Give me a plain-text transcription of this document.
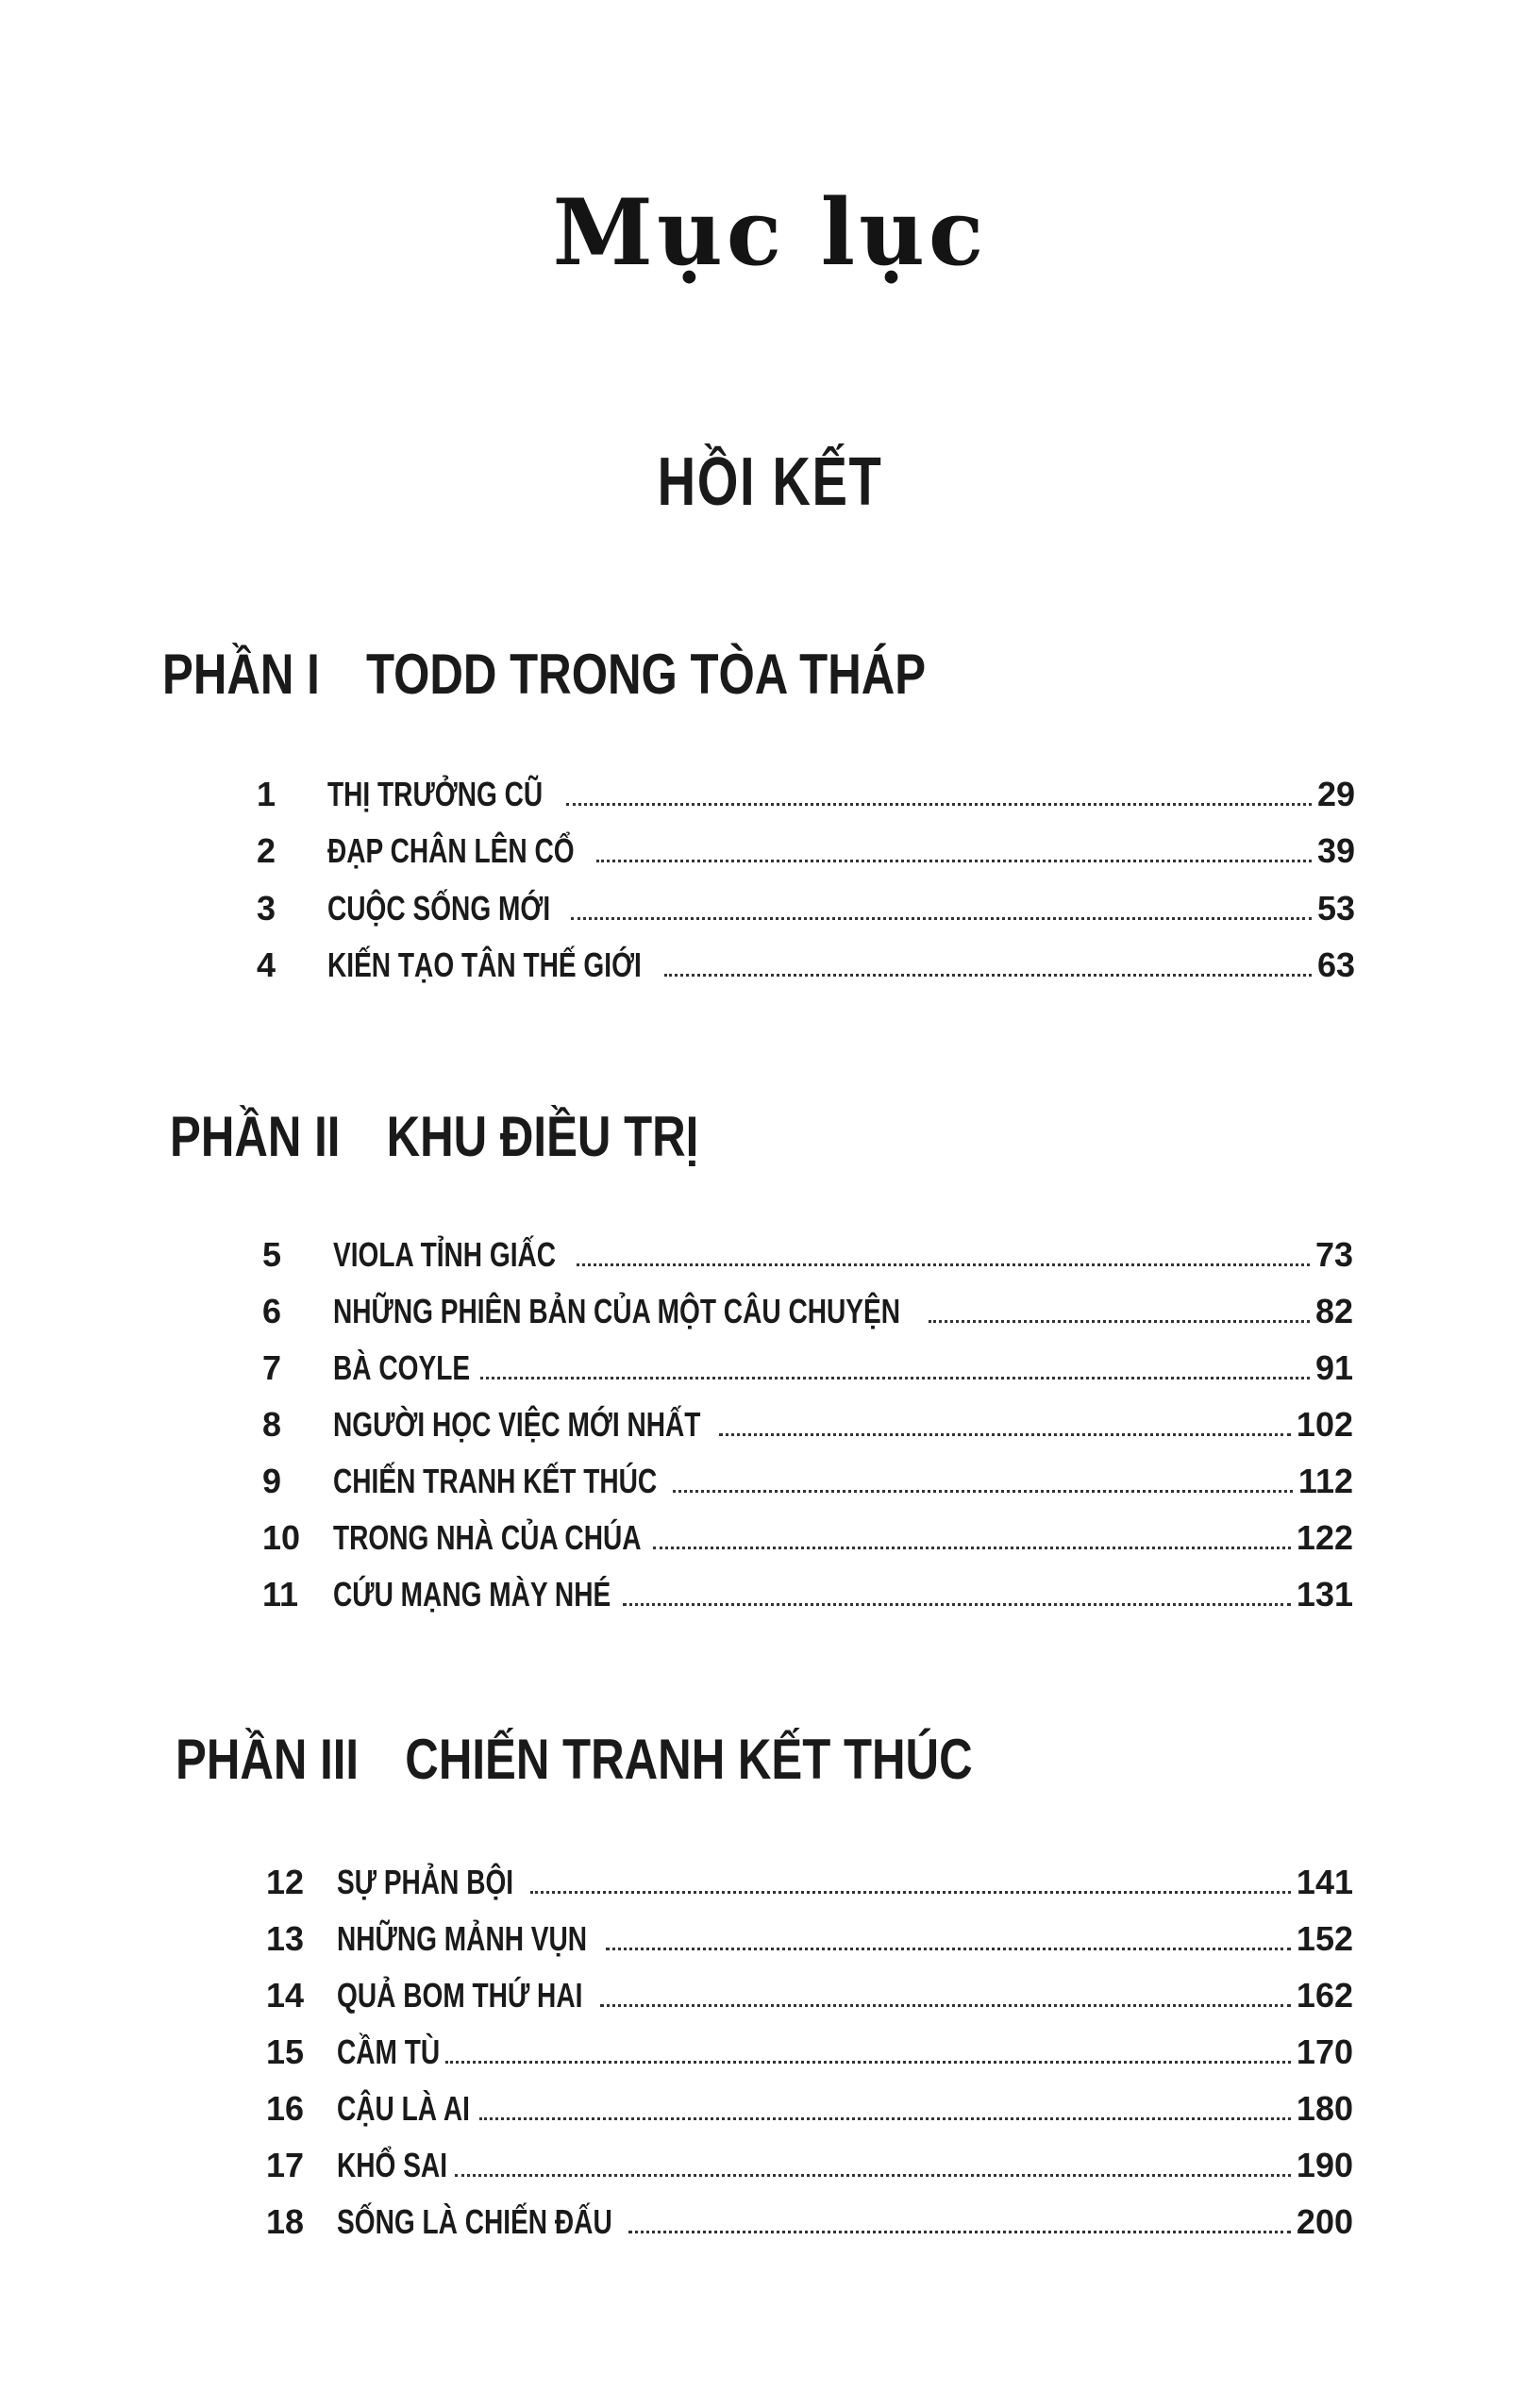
Mục lục
HỒI KẾT
PHẦN I TODD TRONG TÒA THÁP
1	THỊ TRƯỞNG CŨ	29
2	ĐẠP CHÂN LÊN CỔ	39
3	CUỘC SỐNG MỚI	53
4	KIẾN TẠO TÂN THẾ GIỚI	63
PHẦN II KHU ĐIỀU TRỊ
5	VIOLA TỈNH GIẤC	73
6	NHỮNG PHIÊN BẢN CỦA MỘT CÂU CHUYỆN	82
7	BÀ COYLE	91
8	NGƯỜI HỌC VIỆC MỚI NHẤT	102
9	CHIẾN TRANH KẾT THÚC	112
10 TRONG NHÀ CỦA CHÚA	122
11	CỨU MẠNG MÀY NHÉ	131
PHẦN III CHIẾN TRANH KẾT THÚC
12 SỰ PHẢN BỘI	141
13 NHỮNG MẢNH VỤN	152
14 QUẢ BOM THỨ HAI	162
15 CẦM TÙ	170
16 CẬU LÀ AI	180
17 KHỔ SAI	190
18 SỐNG LÀ CHIẾN ĐẤU	200
